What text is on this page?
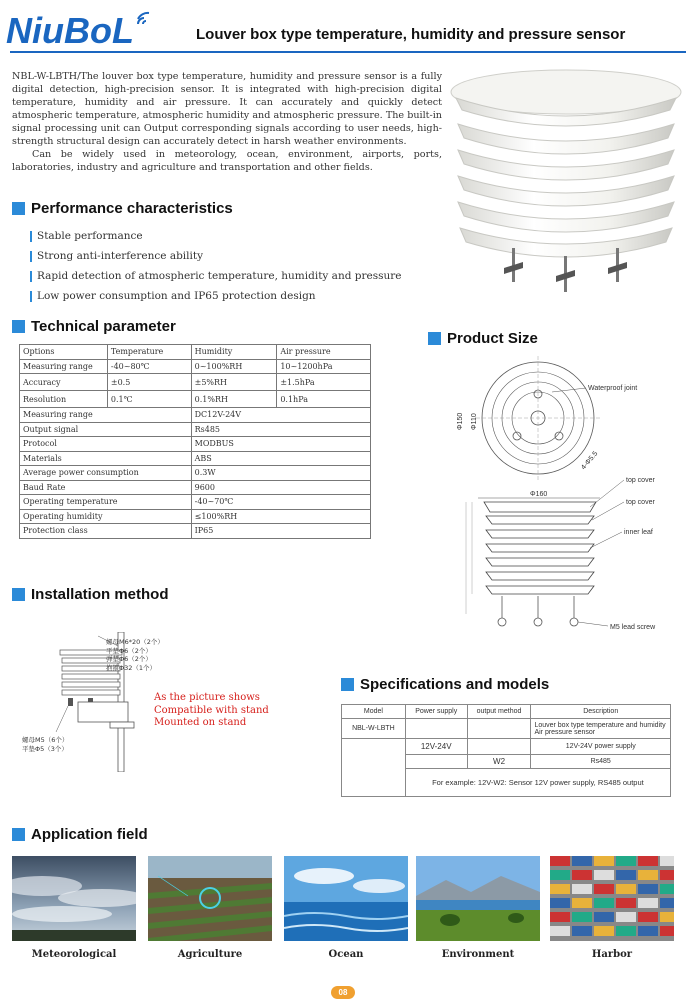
NiuBoL	Louver box type temperature, humidity and pressure sensor

NBL-W-LBTH/The louver box type temperature, humidity and pressure sensor is a fully digital detection, high-precision sensor. It is integrated with high-precision digital temperature, humidity and air pressure. It can accurately and quickly detect atmospheric temperature, atmospheric humidity and atmospheric pressure. The built-in signal processing unit can Output corresponding signals according to user needs, high-strength structural design can accurately detect in harsh weather environments.

Can be widely used in meteorology, ocean, environment, airports, ports, laboratories, industry and agriculture and transportation and other fields.

Performance characteristics
Stable performance
Strong anti-interference ability
Rapid detection of atmospheric temperature, humidity and pressure
Low power consumption and IP65 protection design
Technical parameter
Options	Temperature	Humidity	Air pressure
Measuring range	-40~80℃	0~100%RH	10~1200hPa
Accuracy	±0.5	±5%RH	±1.5hPa
Resolution	0.1℃	0.1%RH	0.1hPa
Measuring range		DC12V-24V	
Output signal		Rs485	
Protocol		MODBUS	
Materials		ABS	
Average power consumption		0.3W	
Baud Rate		9600	
Operating temperature		-40~70℃	
Operating humidity		≤100%RH	
Protection class		IP65	
Product Size
Waterproof joint
Φ150 Φ110
4-Φ5.5
Φ160
top cover
top cover
inner leaf
M5 lead screw
Installation method
螺母M6*20（2个）
平垫Φ6（2个）
弹垫Φ6（2个）
抱箍Φ32（1个）
螺母M5（6个）
平垫Φ5（3个）
As the picture shows
Compatible with stand
Mounted on stand
Specifications and models
Model	Power supply	output method	Description
NBL-W-LBTH			Louver box type temperature and humidity Air pressure sensor
	12V-24V		12V-24V power supply
		W2	Rs485
	For example: 12V-W2: Sensor 12V power supply, RS485 output		
Application field
Meteorological	Agriculture	Ocean	Environment	Harbor
08
